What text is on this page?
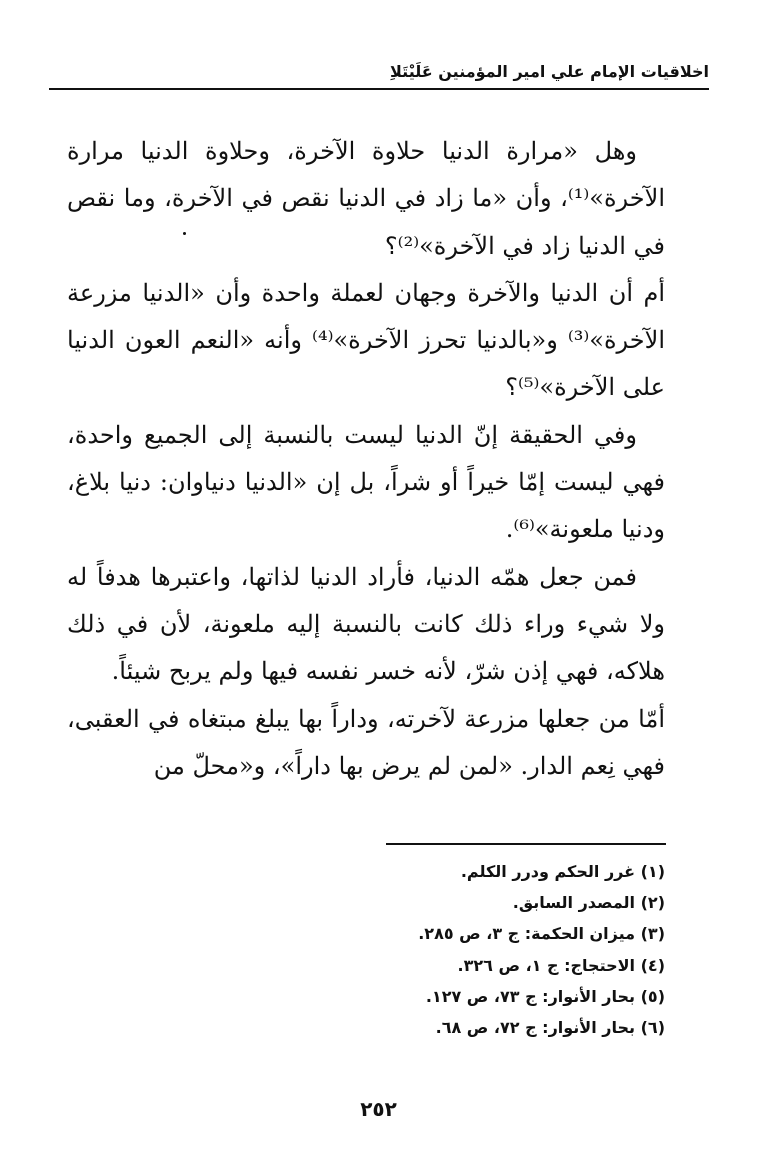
اخلاقيات الإمام علي امير المؤمنين عَلَيْتَلاِ

وهل «مرارة الدنيا حلاوة الآخرة، وحلاوة الدنيا مرارة الآخرة»⁽¹⁾، وأن «ما زاد في الدنيا نقص في الآخرة، وما نقص في الدنيا زاد في الآخرة»⁽²⁾؟

أم أن الدنيا والآخرة وجهان لعملة واحدة وأن «الدنيا مزرعة الآخرة»⁽³⁾ و«بالدنيا تحرز الآخرة»⁽⁴⁾ وأنه «النعم العون الدنيا على الآخرة»⁽⁵⁾؟

وفي الحقيقة إنّ الدنيا ليست بالنسبة إلى الجميع واحدة، فهي ليست إمّا خيراً أو شراً، بل إن «الدنيا دنياوان: دنيا بلاغ، ودنيا ملعونة»⁽⁶⁾.

فمن جعل همّه الدنيا، فأراد الدنيا لذاتها، واعتبرها هدفاً له ولا شيء وراء ذلك كانت بالنسبة إليه ملعونة، لأن في ذلك هلاكه، فهي إذن شرّ، لأنه خسر نفسه فيها ولم يربح شيئاً.

أمّا من جعلها مزرعة لآخرته، وداراً بها يبلغ مبتغاه في العقبى، فهي نِعم الدار. «لمن لم يرض بها داراً»، و«محلّ من

(١) غرر الحكم ودرر الكلم.
(٢) المصدر السابق.
(٣) ميزان الحكمة: ج ٣، ص ٢٨٥.
(٤) الاحتجاج: ج ١، ص ٣٢٦.
(٥) بحار الأنوار: ج ٧٣، ص ١٢٧.
(٦) بحار الأنوار: ج ٧٢، ص ٦٨.
٢٥٢
